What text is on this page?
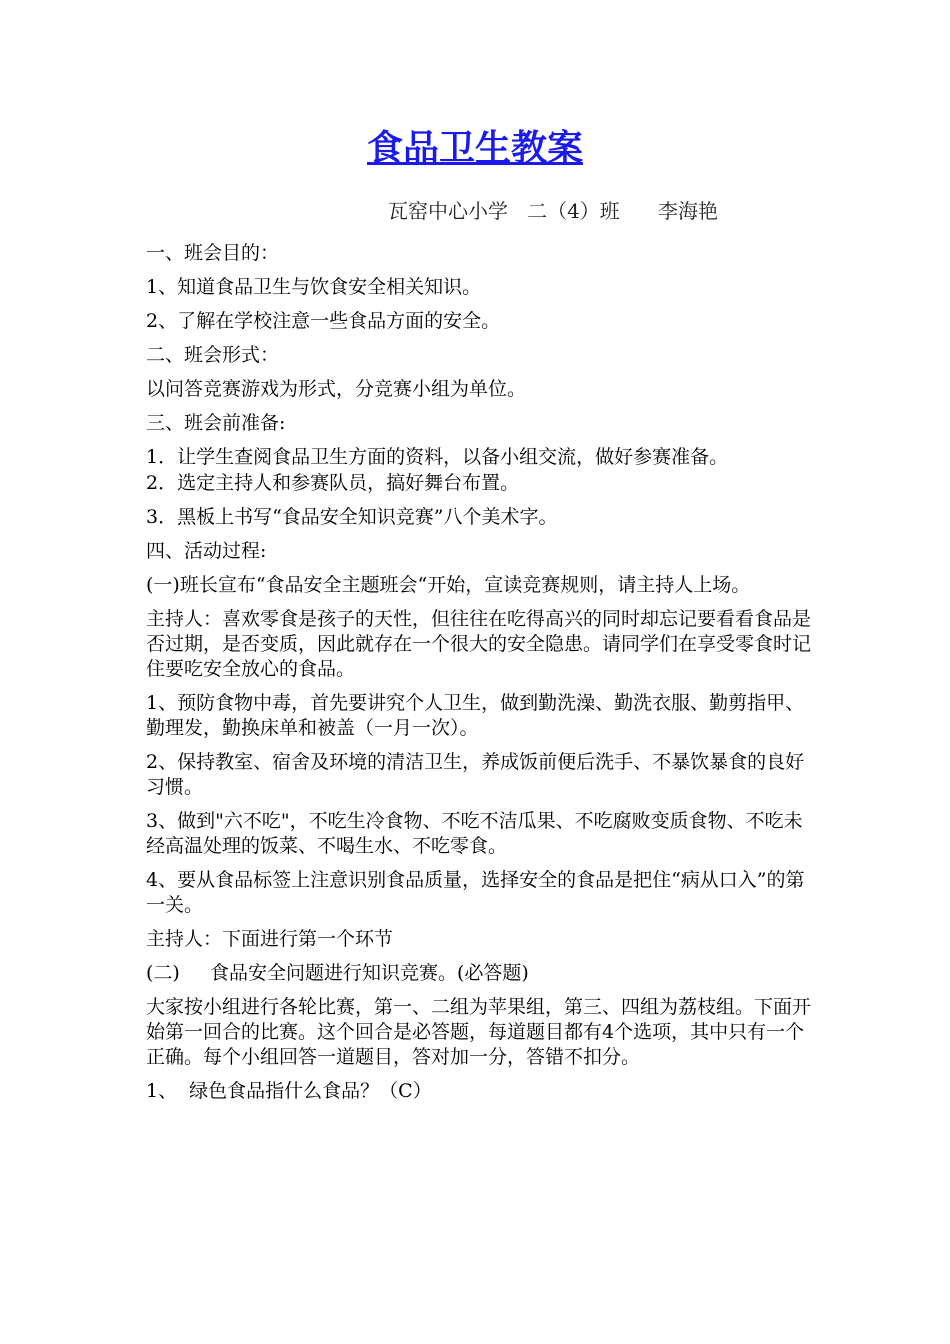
食品卫生教案
瓦窑中心小学   二（4）班      李海艳

一、班会目的：

1、知道食品卫生与饮食安全相关知识。

2、了解在学校注意一些食品方面的安全。

二、班会形式：

以问答竞赛游戏为形式，分竞赛小组为单位。

三、班会前准备:

1．让学生查阅食品卫生方面的资料，以备小组交流，做好参赛准备。

2．选定主持人和参赛队员，搞好舞台布置。

3．黑板上书写“食品安全知识竞赛”八个美术字。

四、活动过程:

(一)班长宣布“食品安全主题班会“开始，宣读竞赛规则，请主持人上场。

主持人：喜欢零食是孩子的天性，但往往在吃得高兴的同时却忘记要看看食品是否过期，是否变质，因此就存在一个很大的安全隐患。请同学们在享受零食时记住要吃安全放心的食品。

1、预防食物中毒，首先要讲究个人卫生，做到勤洗澡、勤洗衣服、勤剪指甲、勤理发，勤换床单和被盖（一月一次）。

2、保持教室、宿舍及环境的清洁卫生，养成饭前便后洗手、不暴饮暴食的良好习惯。

3、做到"六不吃"，不吃生冷食物、不吃不洁瓜果、不吃腐败变质食物、不吃未经高温处理的饭菜、不喝生水、不吃零食。

4、要从食品标签上注意识别食品质量，选择安全的食品是把住“病从口入”的第一关。

主持人：下面进行第一个环节

(二)     食品安全问题进行知识竞赛。(必答题)

大家按小组进行各轮比赛，第一、二组为苹果组，第三、四组为荔枝组。下面开始第一回合的比赛。这个回合是必答题，每道题目都有4个选项，其中只有一个正确。每个小组回答一道题目，答对加一分，答错不扣分。

1、  绿色食品指什么食品？（C）
